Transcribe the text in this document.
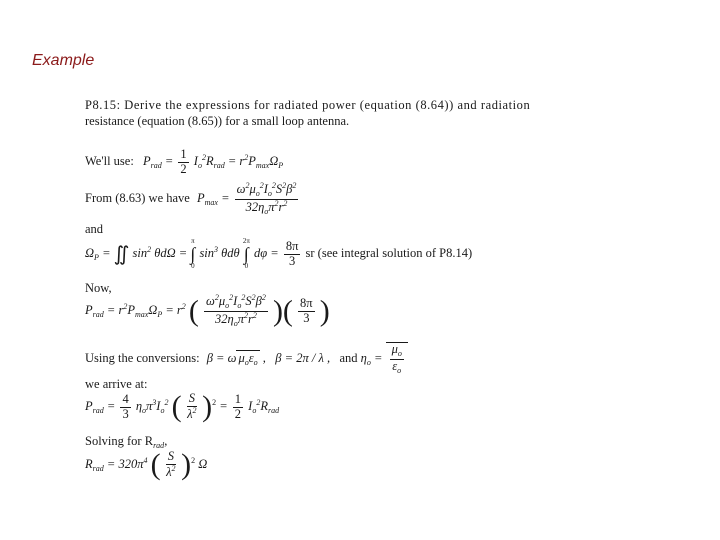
Example
P8.15: Derive the expressions for radiated power (equation (8.64)) and radiation
resistance (equation (8.65)) for a small loop antenna.
We'll use: $P_{rad} = \frac{1}{2} I_o^2R_{rad} = r^2P_{max}\Omega_P$
From (8.63) we have $P_{max} = \frac{\omega^2\mu_o^2I_o^2S^2\beta^2}{32\eta_o\pi^2r^2}$
and
$\Omega_P$ = ∬ $\sin^2 \theta d\Omega = \pi$
∫
0 $\sin^3 \theta d\theta$ 2π
∫
0 $d\varphi = \frac{8\pi}{3}$ sr (see integral solution of P8.14)
Now,
$P_{rad} = r^2P_{max}\Omega_P = r^2$ ( $\frac{\omega^2\mu_o^2I_o^2S^2\beta^2}{32\eta_o\pi^2r^2}$ )( $\frac{8\pi}{3}$ )
Using the conversions: β = ω $\mu_o\varepsilon_o$ ,   β = 2π / λ ,   and $\eta_o = \frac{\mu_o}{\varepsilon_o}$
we arrive at:
$P_{rad} = \frac{4}{3} \eta_o\pi^3I_o^2$ ( $\frac{S}{\lambda^2} )^2 = \frac{1}{2} I_o^2R_{rad}$
Solving for $R_{rad}$,
$R_{rad} = 320\pi^4$ ( $\frac{S}{\lambda^2} )^2$ Ω
